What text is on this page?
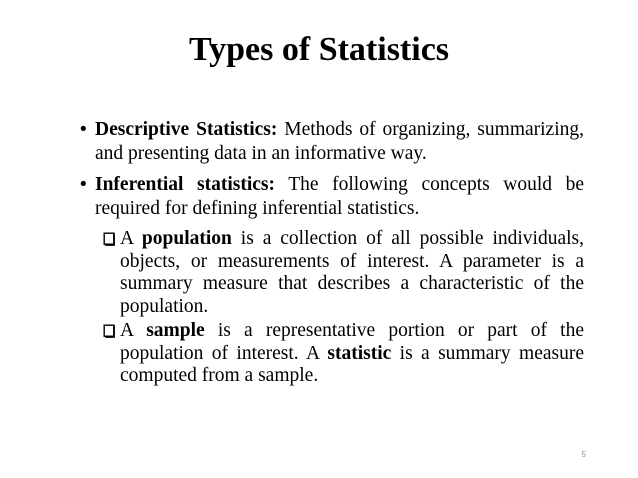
Types of Statistics
• Descriptive Statistics: Methods of organizing, summarizing, and presenting data in an informative way.
• Inferential statistics: The following concepts would be required for defining inferential statistics.
A population is a collection of all possible individuals, objects, or measurements of interest. A parameter is a summary measure that describes a characteristic of the population.
A sample is a representative portion or part of the population of interest. A statistic is a summary measure computed from a sample.
5
